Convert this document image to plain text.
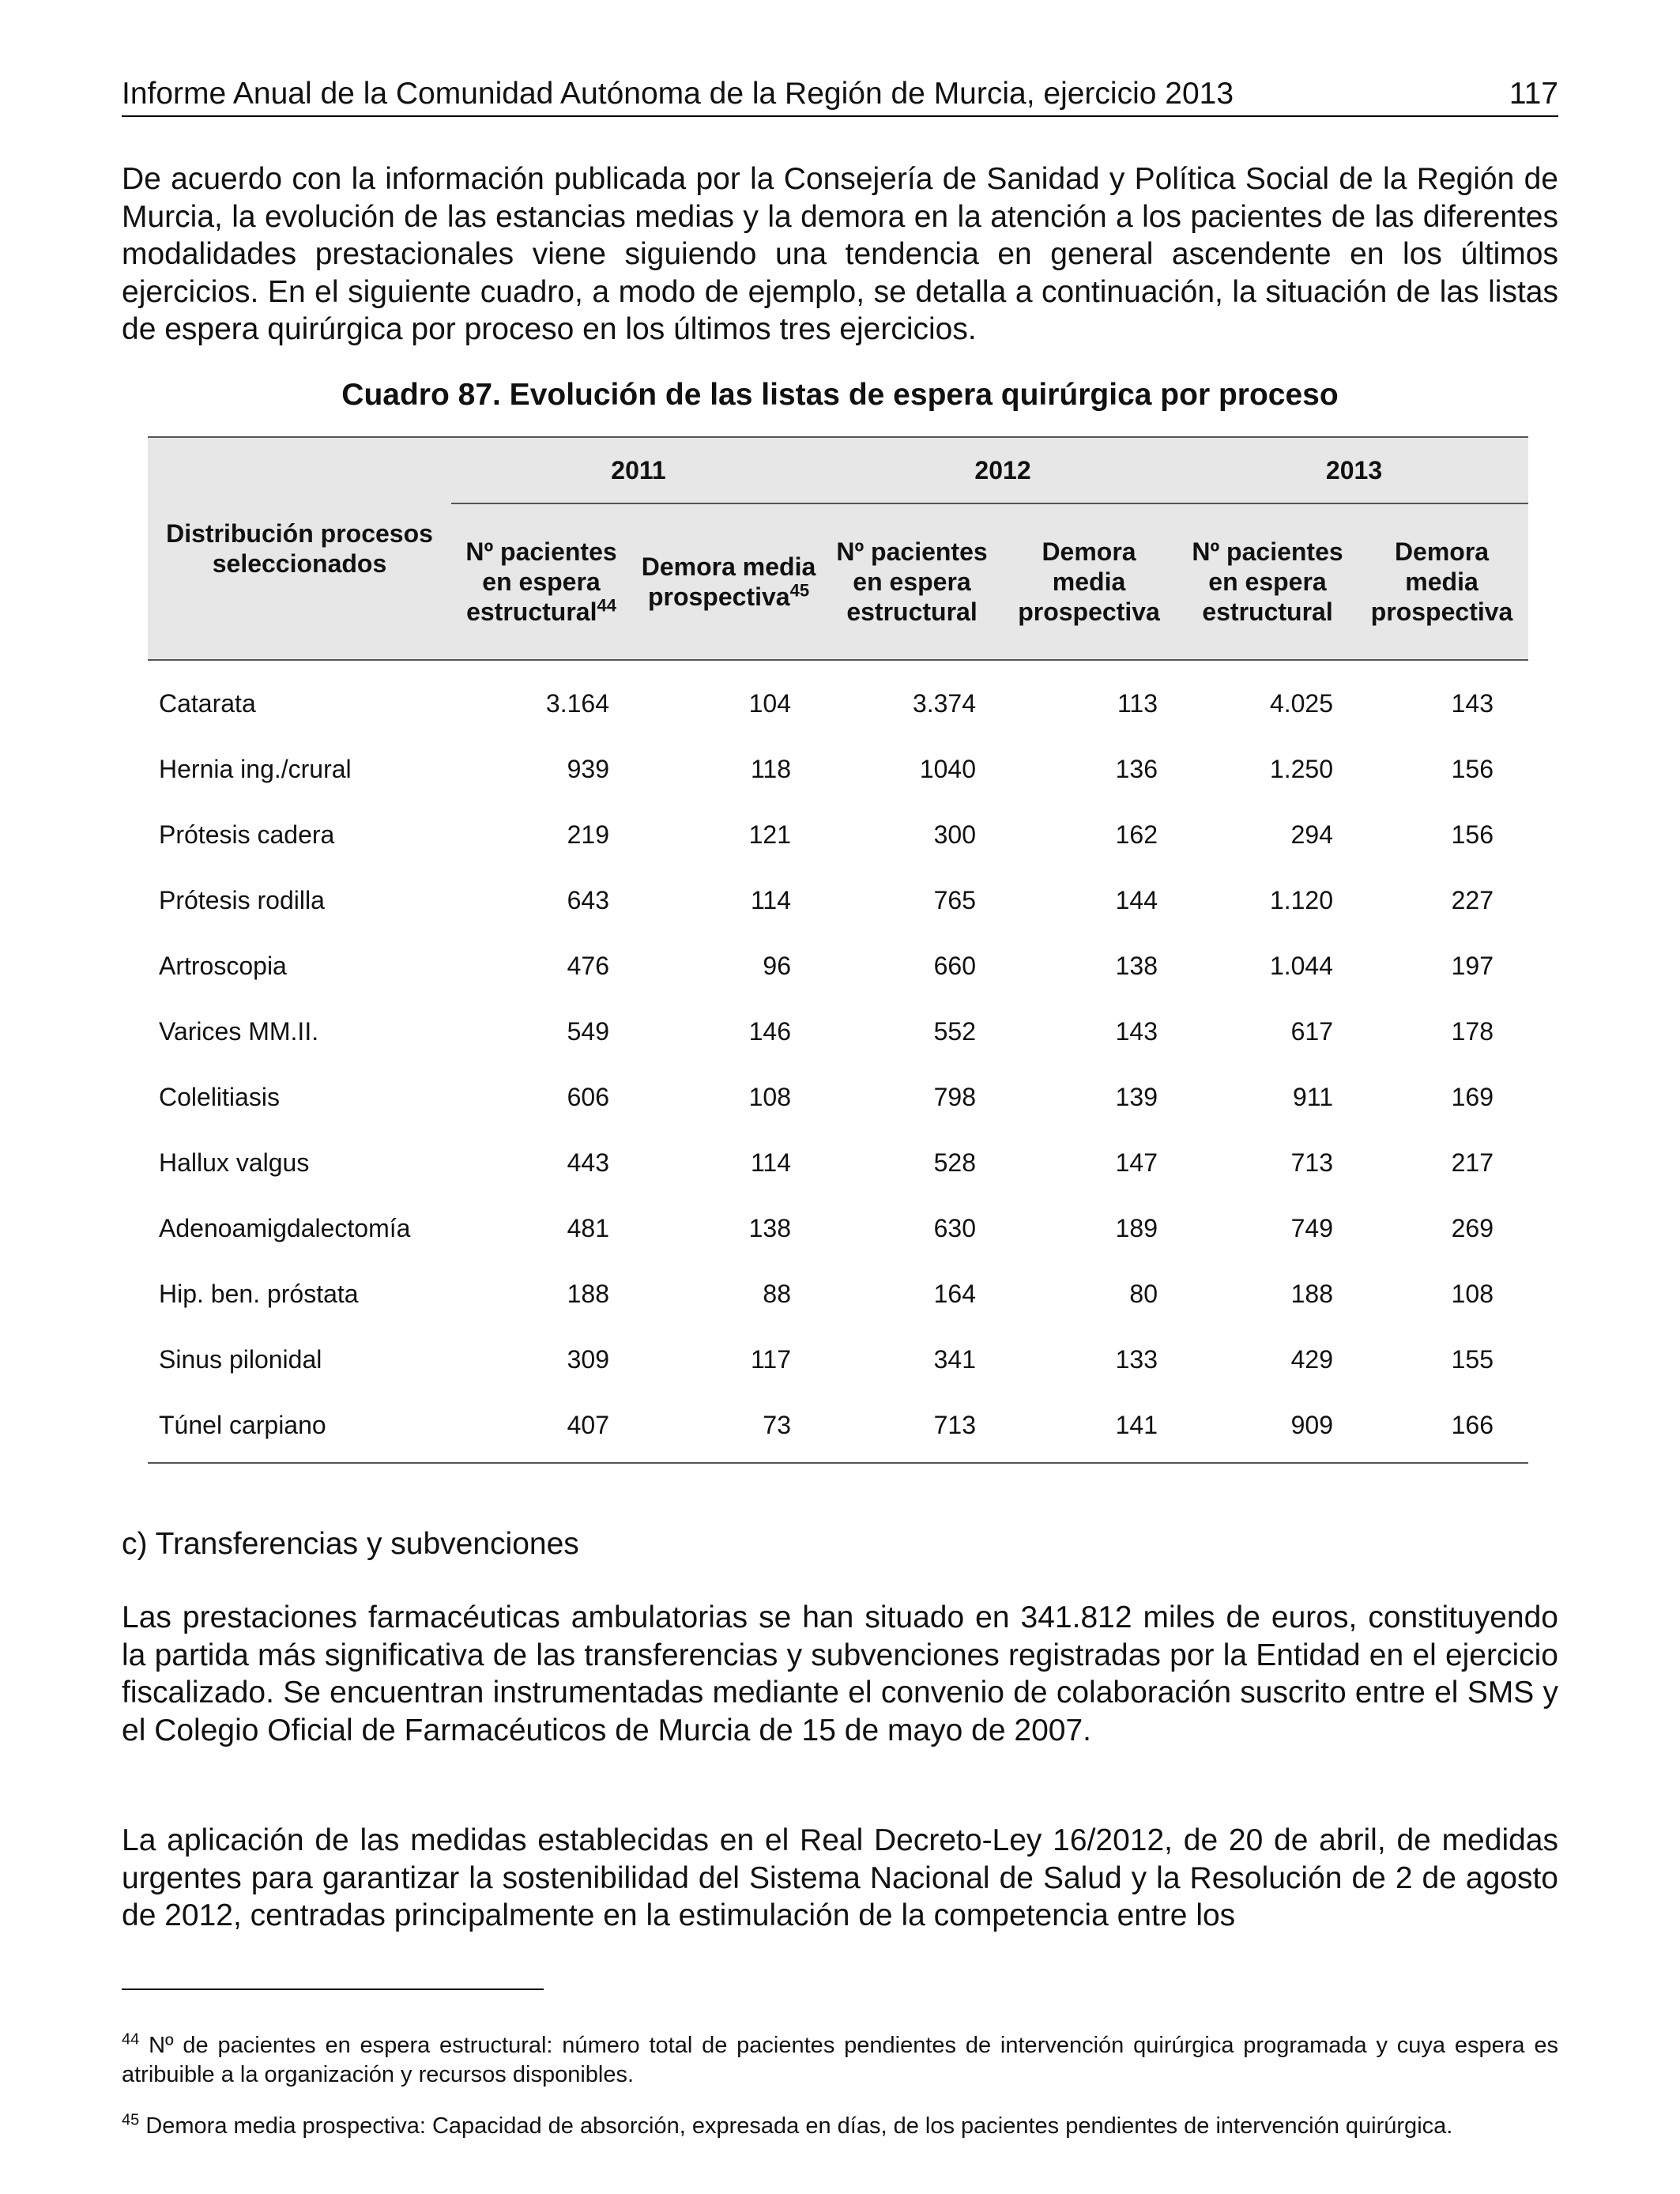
Informe Anual de la Comunidad Autónoma de la Región de Murcia, ejercicio 2013	117

De acuerdo con la información publicada por la Consejería de Sanidad y Política Social de la Región de Murcia, la evolución de las estancias medias y la demora en la atención a los pacientes de las diferentes modalidades prestacionales viene siguiendo una tendencia en general ascendente en los últimos ejercicios. En el siguiente cuadro, a modo de ejemplo, se detalla a continuación, la situación de las listas de espera quirúrgica por proceso en los últimos tres ejercicios.

Cuadro 87. Evolución de las listas de espera quirúrgica por proceso
Distribución procesos seleccionados	2011		2012		2013	
	Nº pacientes en espera estructural$^{44}$	Demora media prospectiva$^{45}$	Nº pacientes en espera estructural	Demora media prospectiva	Nº pacientes en espera estructural	Demora media prospectiva
Catarata	3.164	104	3.374	113	4.025	143
Hernia ing./crural	939	118	1040	136	1.250	156
Prótesis cadera	219	121	300	162	294	156
Prótesis rodilla	643	114	765	144	1.120	227
Artroscopia	476	96	660	138	1.044	197
Varices MM.II.	549	146	552	143	617	178
Colelitiasis	606	108	798	139	911	169
Hallux valgus	443	114	528	147	713	217
Adenoamigdalectomía	481	138	630	189	749	269
Hip. ben. próstata	188	88	164	80	188	108
Sinus pilonidal	309	117	341	133	429	155
Túnel carpiano	407	73	713	141	909	166
c) Transferencias y subvenciones

Las prestaciones farmacéuticas ambulatorias se han situado en 341.812 miles de euros, constituyendo la partida más significativa de las transferencias y subvenciones registradas por la Entidad en el ejercicio fiscalizado. Se encuentran instrumentadas mediante el convenio de colaboración suscrito entre el SMS y el Colegio Oficial de Farmacéuticos de Murcia de 15 de mayo de 2007.

La aplicación de las medidas establecidas en el Real Decreto-Ley 16/2012, de 20 de abril, de medidas urgentes para garantizar la sostenibilidad del Sistema Nacional de Salud y la Resolución de 2 de agosto de 2012, centradas principalmente en la estimulación de la competencia entre los

$^{44}$ Nº de pacientes en espera estructural: número total de pacientes pendientes de intervención quirúrgica programada y cuya espera es atribuible a la organización y recursos disponibles.

$^{45}$ Demora media prospectiva: Capacidad de absorción, expresada en días, de los pacientes pendientes de intervención quirúrgica.
